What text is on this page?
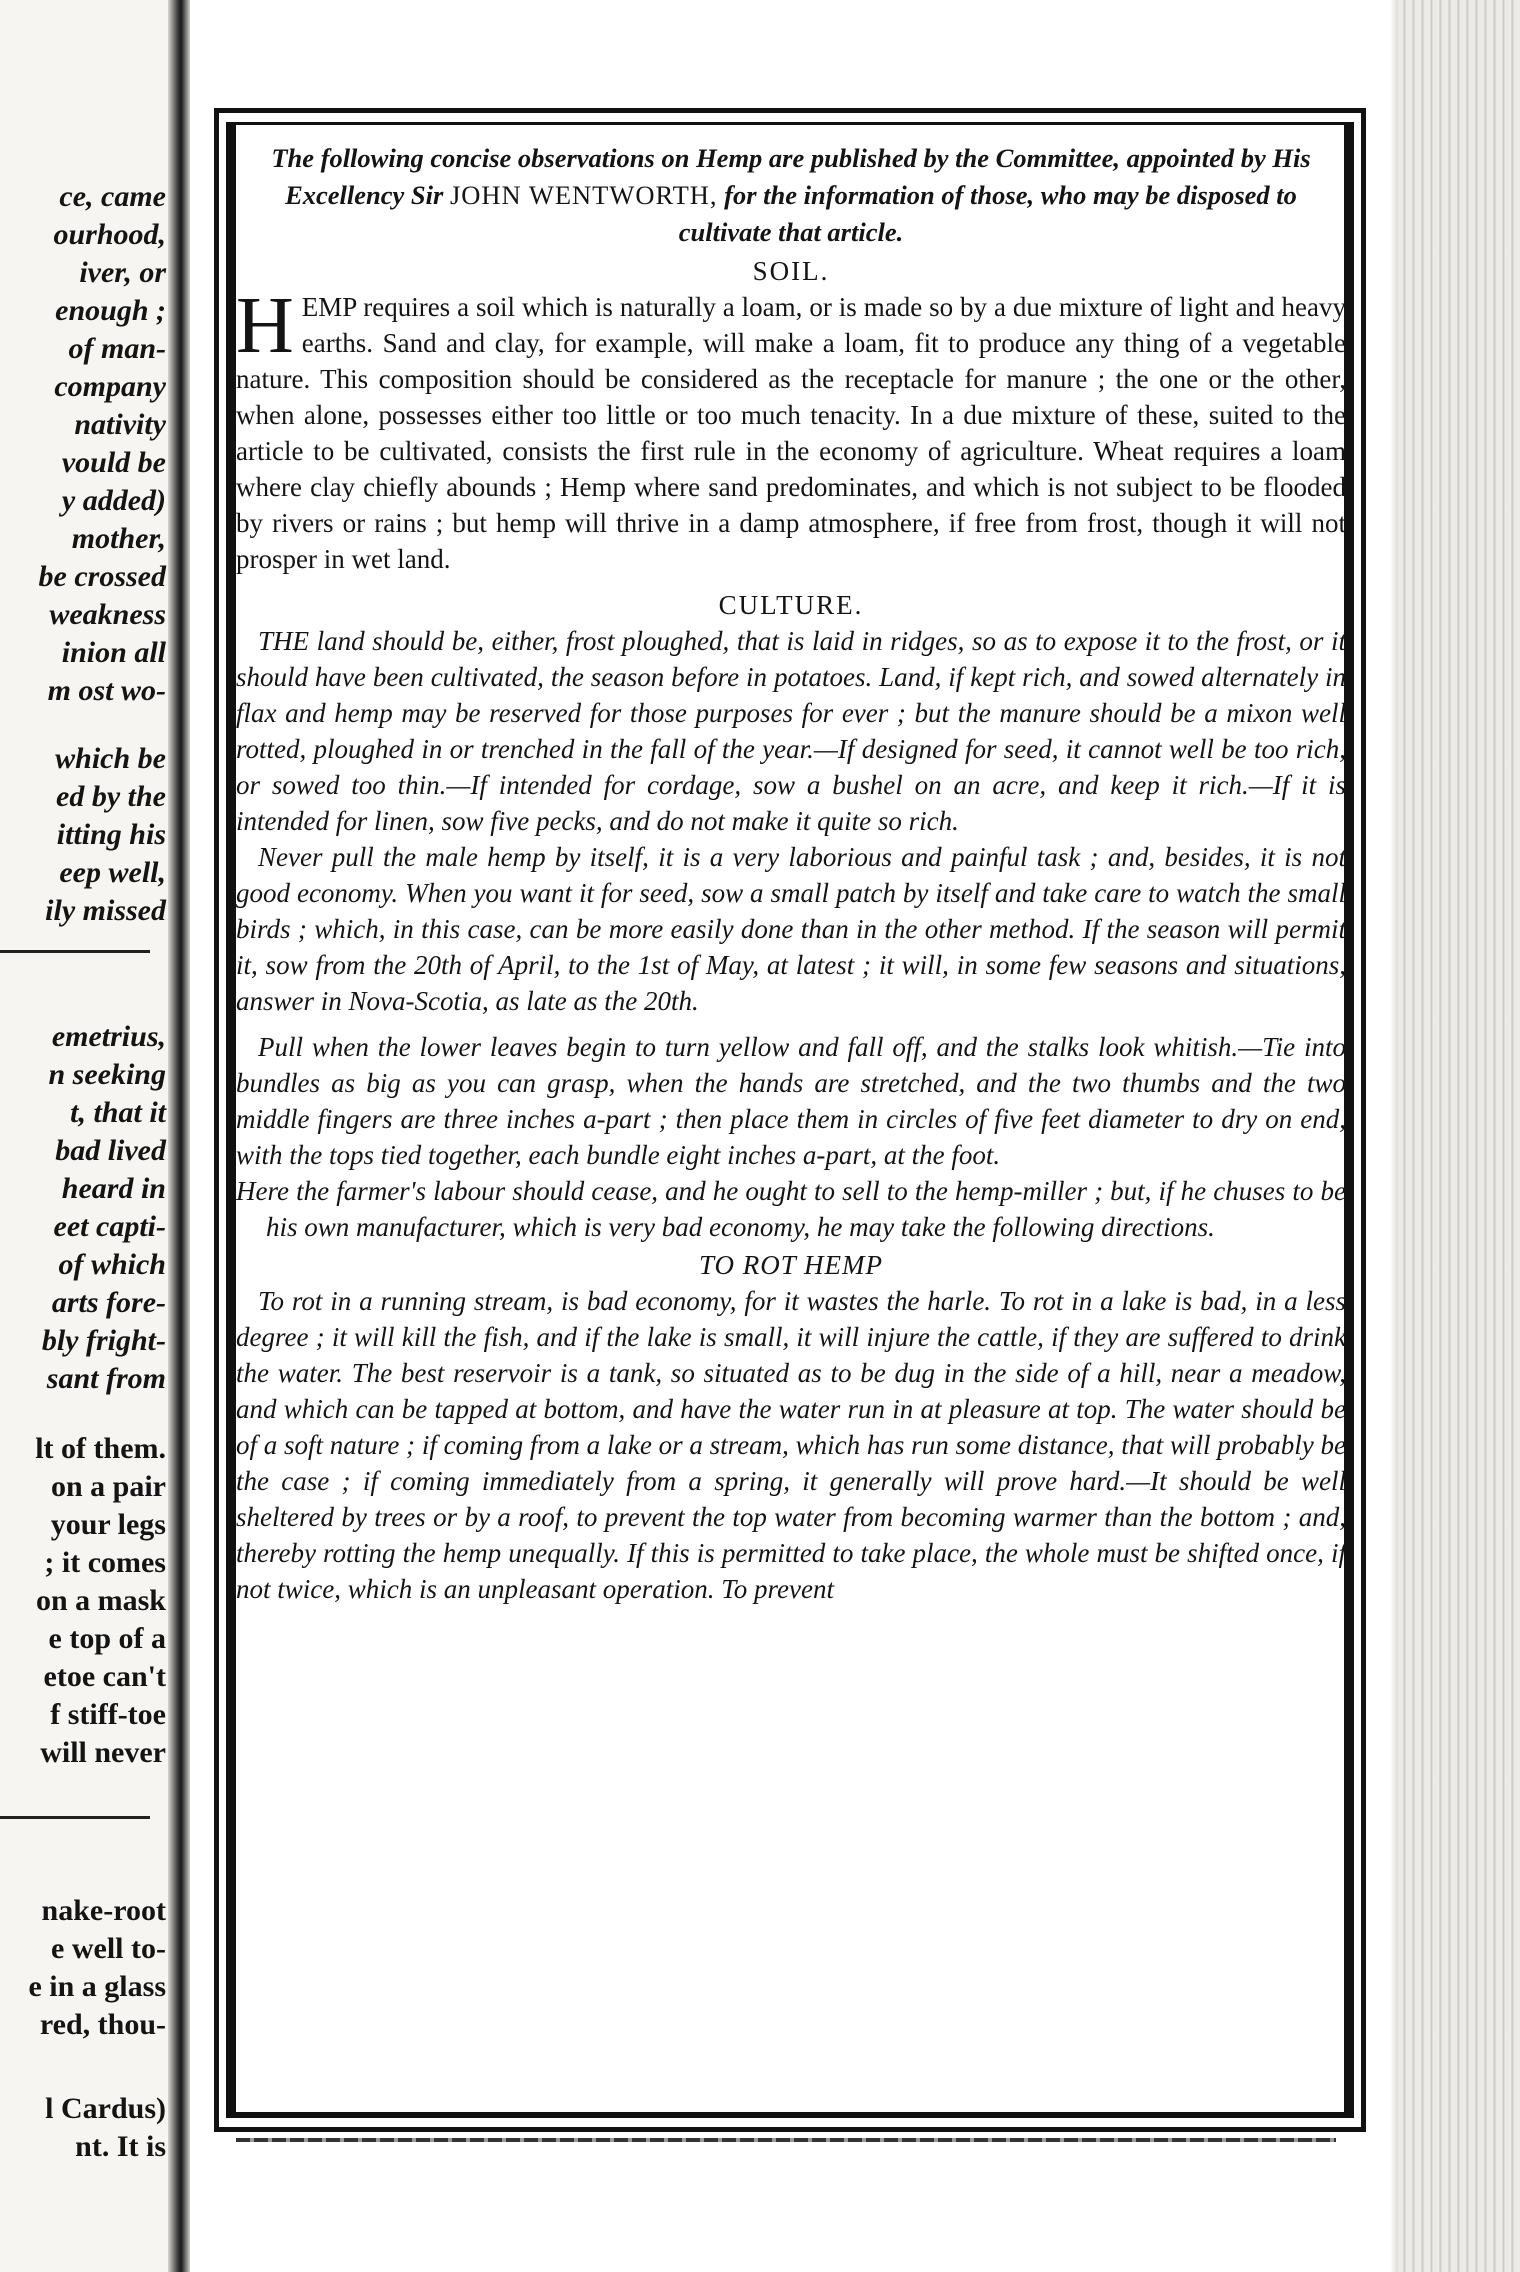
ce, came
ourhood,
iver, or
enough ;
of man-
company
nativity
vould be
y added)
mother,
be crossed
weakness
inion all
m ost wo-
which be
ed by the
itting his
eep well,
ily missed
emetrius,
n seeking
t, that it
bad lived
heard in
eet capti-
of which
arts fore-
bly fright-
sant from
lt of them.
on a pair
your legs
; it comes
on a mask
e top of a
etoe can't
f stiff-toe
will never
nake-root
e well to-
e in a glass
red, thou-
l Cardus)
nt. It is

The following concise observations on Hemp are published by the Committee, appointed by His Excellency Sir JOHN WENTWORTH, for the information of those, who may be disposed to cultivate that article.

SOIL.

HEMP requires a soil which is naturally a loam, or is made so by a due mixture of light and heavy earths. Sand and clay, for example, will make a loam, fit to produce any thing of a vegetable nature. This composition should be considered as the receptacle for manure ; the one or the other, when alone, possesses either too little or too much tenacity. In a due mixture of these, suited to the article to be cultivated, consists the first rule in the economy of agriculture. Wheat requires a loam where clay chiefly abounds ; Hemp where sand predominates, and which is not subject to be flooded by rivers or rains ; but hemp will thrive in a damp atmosphere, if free from frost, though it will not prosper in wet land.

CULTURE.

THE land should be, either, frost ploughed, that is laid in ridges, so as to expose it to the frost, or it should have been cultivated, the season before in potatoes. Land, if kept rich, and sowed alternately in flax and hemp may be reserved for those purposes for ever ; but the manure should be a mixon well rotted, ploughed in or trenched in the fall of the year.—If designed for seed, it cannot well be too rich, or sowed too thin.—If intended for cordage, sow a bushel on an acre, and keep it rich.—If it is intended for linen, sow five pecks, and do not make it quite so rich.

Never pull the male hemp by itself, it is a very laborious and painful task ; and, besides, it is not good economy. When you want it for seed, sow a small patch by itself and take care to watch the small birds ; which, in this case, can be more easily done than in the other method. If the season will permit it, sow from the 20th of April, to the 1st of May, at latest ; it will, in some few seasons and situations, answer in Nova-Scotia, as late as the 20th.

Pull when the lower leaves begin to turn yellow and fall off, and the stalks look whitish.—Tie into bundles as big as you can grasp, when the hands are stretched, and the two thumbs and the two middle fingers are three inches a-part ; then place them in circles of five feet diameter to dry on end, with the tops tied together, each bundle eight inches a-part, at the foot.

Here the farmer's labour should cease, and he ought to sell to the hemp-miller ; but, if he chuses to be his own manufacturer, which is very bad economy, he may take the following directions.

TO ROT HEMP

To rot in a running stream, is bad economy, for it wastes the harle. To rot in a lake is bad, in a less degree ; it will kill the fish, and if the lake is small, it will injure the cattle, if they are suffered to drink the water. The best reservoir is a tank, so situated as to be dug in the side of a hill, near a meadow, and which can be tapped at bottom, and have the water run in at pleasure at top. The water should be of a soft nature ; if coming from a lake or a stream, which has run some distance, that will probably be the case ; if coming immediately from a spring, it generally will prove hard.—It should be well sheltered by trees or by a roof, to prevent the top water from becoming warmer than the bottom ; and, thereby rotting the hemp unequally. If this is permitted to take place, the whole must be shifted once, if not twice, which is an unpleasant operation. To prevent
